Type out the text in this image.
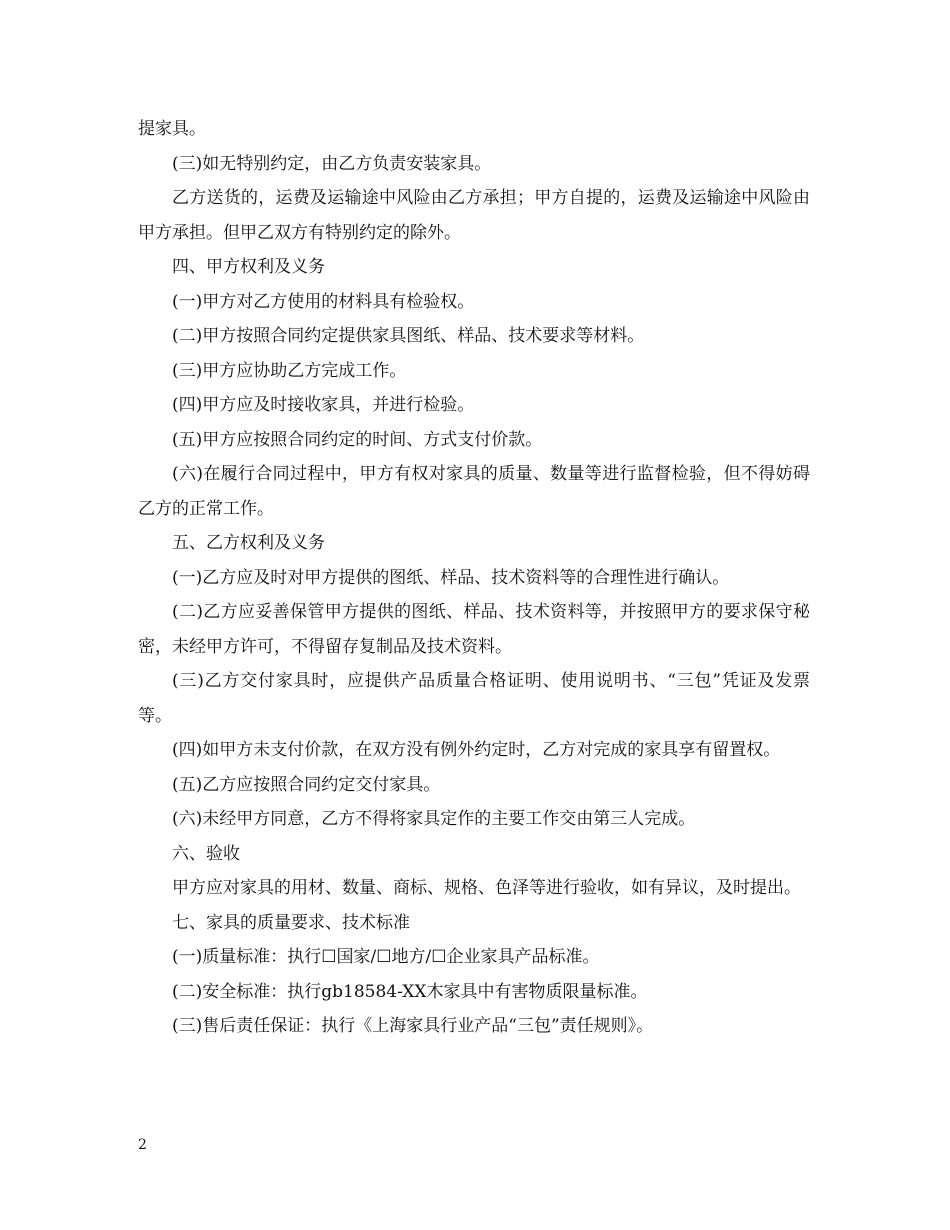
提家具。

(三)如无特别约定，由乙方负责安装家具。

乙方送货的，运费及运输途中风险由乙方承担；甲方自提的，运费及运输途中风险由甲方承担。但甲乙双方有特别约定的除外。

四、甲方权利及义务

(一)甲方对乙方使用的材料具有检验权。

(二)甲方按照合同约定提供家具图纸、样品、技术要求等材料。

(三)甲方应协助乙方完成工作。

(四)甲方应及时接收家具，并进行检验。

(五)甲方应按照合同约定的时间、方式支付价款。

(六)在履行合同过程中，甲方有权对家具的质量、数量等进行监督检验，但不得妨碍乙方的正常工作。

五、乙方权利及义务

(一)乙方应及时对甲方提供的图纸、样品、技术资料等的合理性进行确认。

(二)乙方应妥善保管甲方提供的图纸、样品、技术资料等，并按照甲方的要求保守秘密，未经甲方许可，不得留存复制品及技术资料。

(三)乙方交付家具时，应提供产品质量合格证明、使用说明书、“三包”凭证及发票等。

(四)如甲方未支付价款，在双方没有例外约定时，乙方对完成的家具享有留置权。

(五)乙方应按照合同约定交付家具。

(六)未经甲方同意，乙方不得将家具定作的主要工作交由第三人完成。

六、验收

甲方应对家具的用材、数量、商标、规格、色泽等进行验收，如有异议，及时提出。

七、家具的质量要求、技术标准

(一)质量标准：执行☐国家/☐地方/☐企业家具产品标准。

(二)安全标准：执行gb18584-XX木家具中有害物质限量标准。

(三)售后责任保证：执行《上海家具行业产品“三包”责任规则》。

2
